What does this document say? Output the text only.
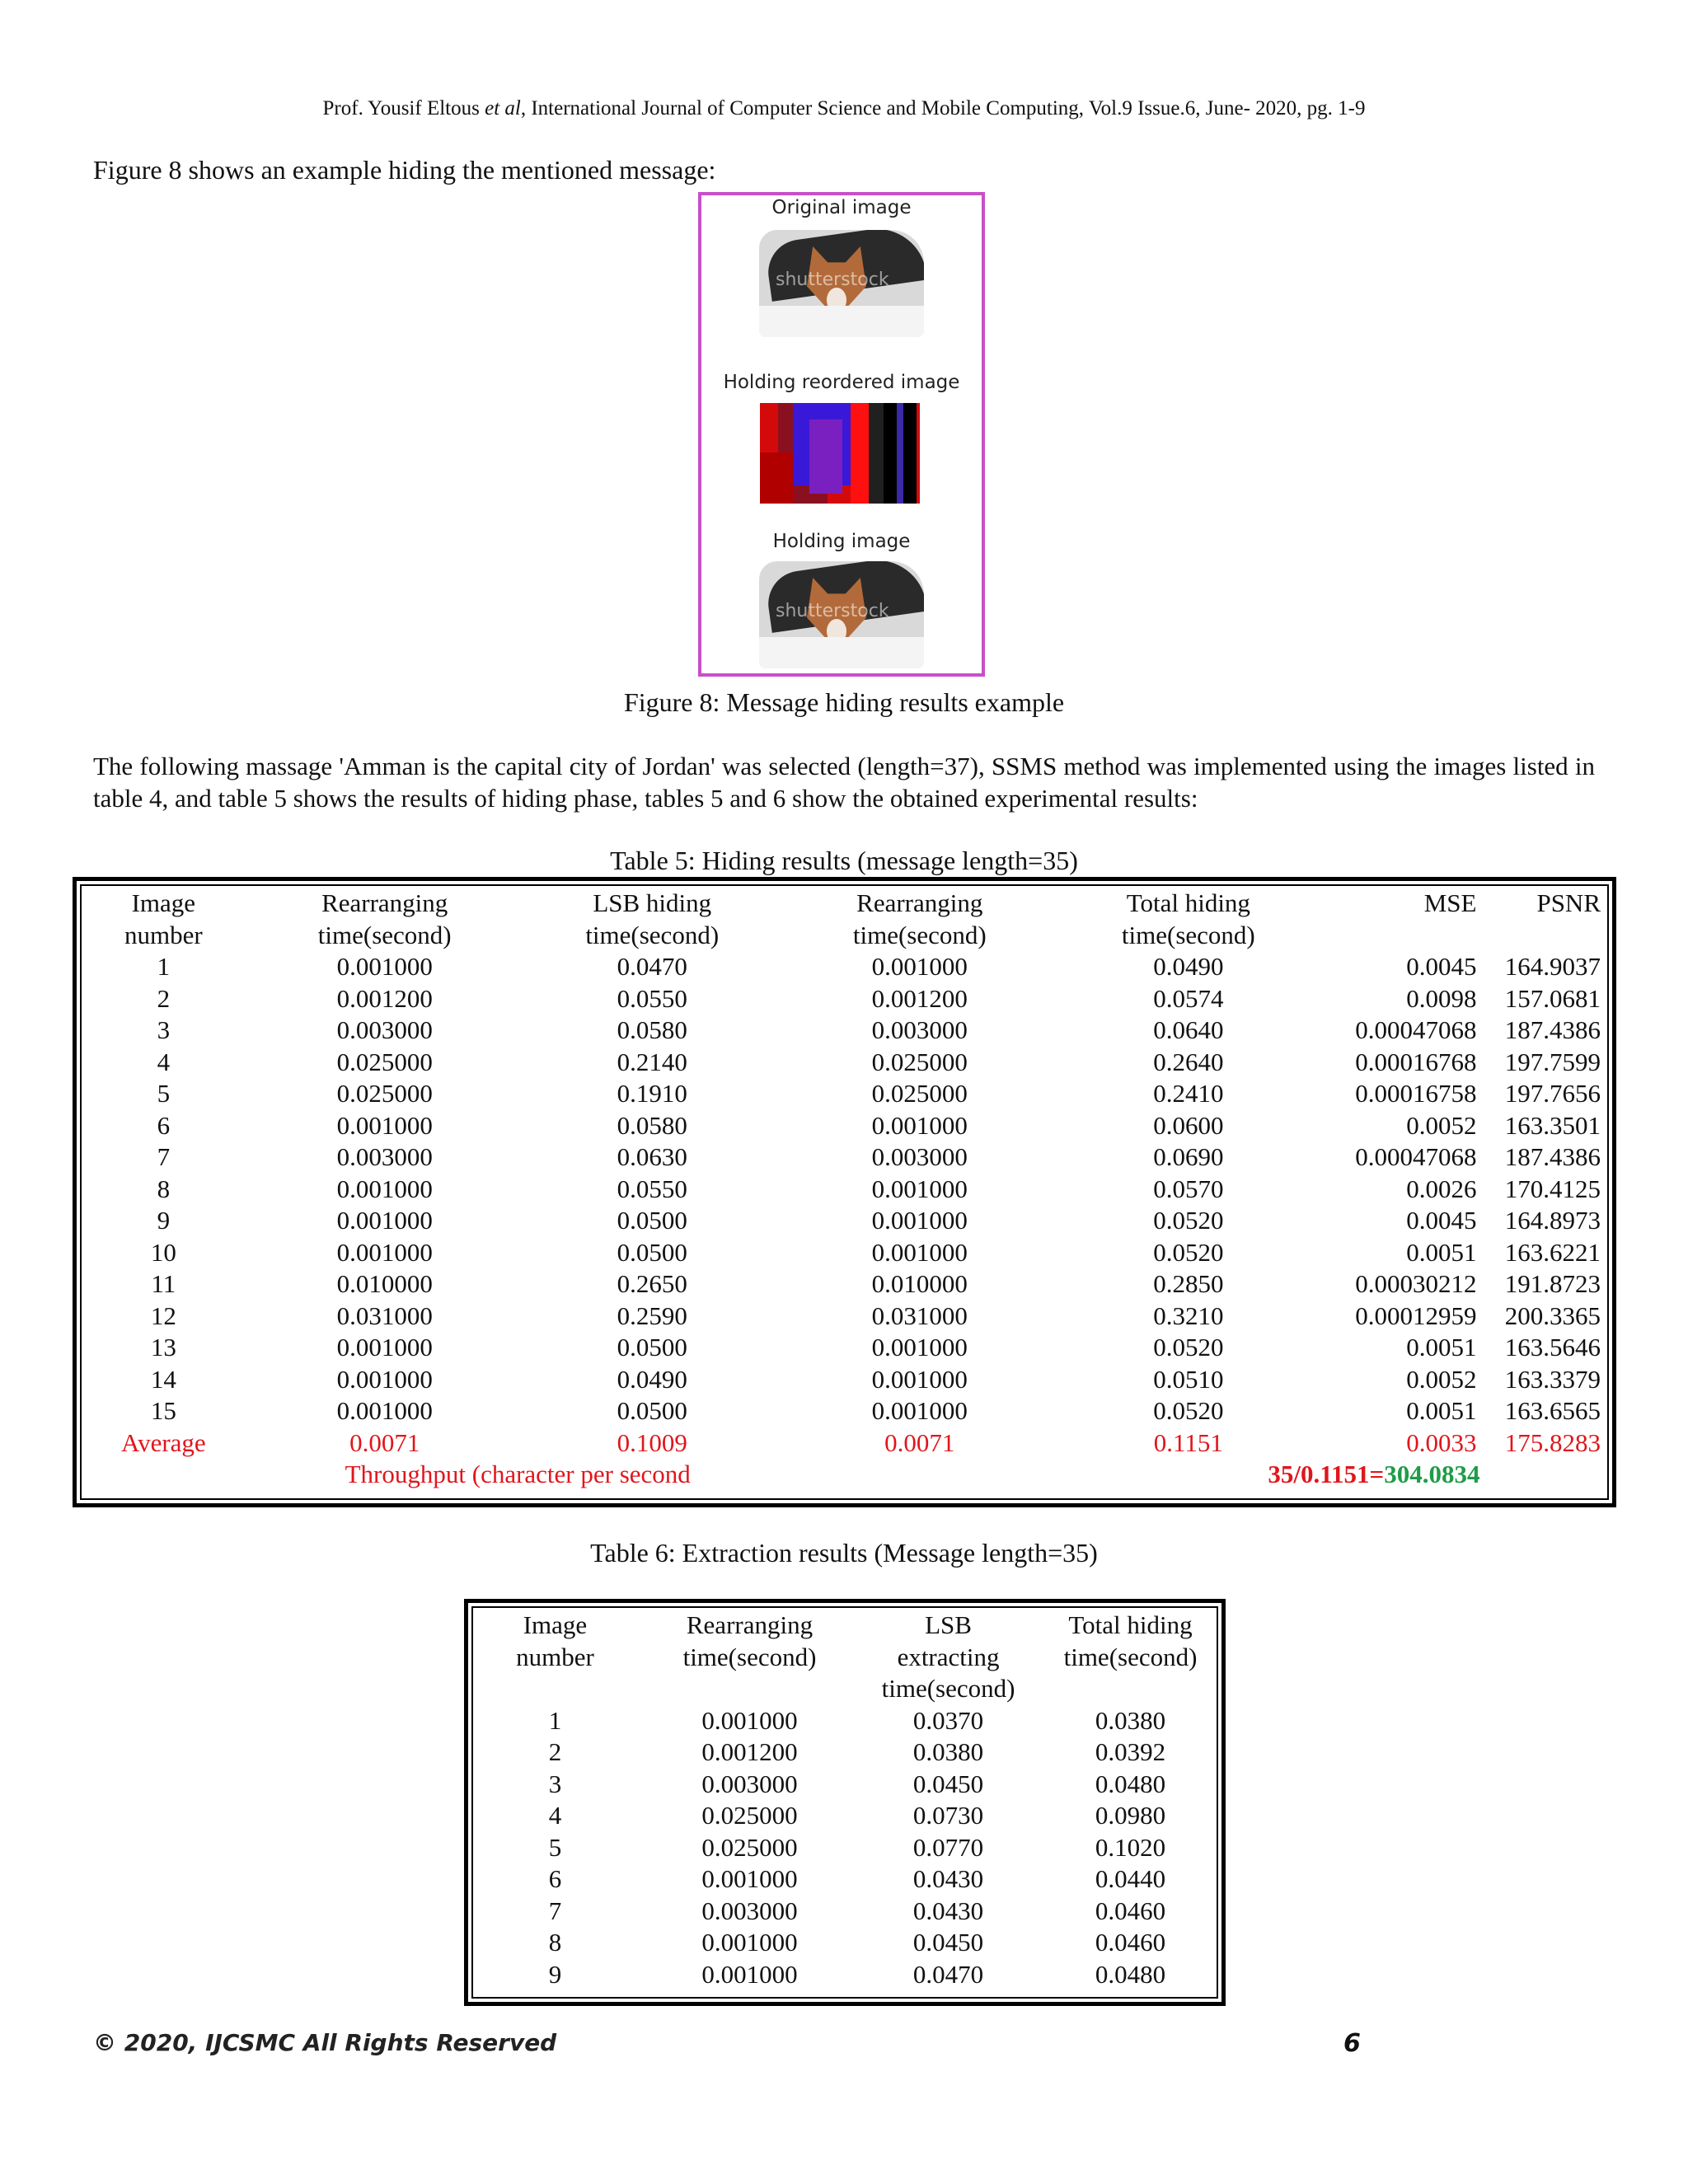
Prof. Yousif Eltous et al, International Journal of Computer Science and Mobile Computing, Vol.9 Issue.6, June- 2020, pg. 1-9
Figure 8 shows an example hiding the mentioned message:
Original image
shutterstock
Holding reordered image
Holding image
shutterstock
Figure 8: Message hiding results example
The following massage 'Amman is the capital city of Jordan' was selected (length=37), SSMS method was implemented using the images listed in table 4, and table 5 shows the results of hiding phase, tables 5 and 6 show the obtained experimental results:
Table 5: Hiding results (message length=35)
Image	Rearranging	LSB hiding	Rearranging	Total hiding	MSE	PSNR
number	time(second)	time(second)	time(second)	time(second)		
1	0.001000	0.0470	0.001000	0.0490	0.0045	164.9037
2	0.001200	0.0550	0.001200	0.0574	0.0098	157.0681
3	0.003000	0.0580	0.003000	0.0640	0.00047068	187.4386
4	0.025000	0.2140	0.025000	0.2640	0.00016768	197.7599
5	0.025000	0.1910	0.025000	0.2410	0.00016758	197.7656
6	0.001000	0.0580	0.001000	0.0600	0.0052	163.3501
7	0.003000	0.0630	0.003000	0.0690	0.00047068	187.4386
8	0.001000	0.0550	0.001000	0.0570	0.0026	170.4125
9	0.001000	0.0500	0.001000	0.0520	0.0045	164.8973
10	0.001000	0.0500	0.001000	0.0520	0.0051	163.6221
11	0.010000	0.2650	0.010000	0.2850	0.00030212	191.8723
12	0.031000	0.2590	0.031000	0.3210	0.00012959	200.3365
13	0.001000	0.0500	0.001000	0.0520	0.0051	163.5646
14	0.001000	0.0490	0.001000	0.0510	0.0052	163.3379
15	0.001000	0.0500	0.001000	0.0520	0.0051	163.6565
Average	0.0071	0.1009	0.0071	0.1151	0.0033	175.8283
	Throughput (character per second			35/0.1151=304.0834		
Table 6: Extraction results (Message length=35)
Image	Rearranging	LSB	Total hiding
number	time(second)	extracting	time(second)
		time(second)	
1	0.001000	0.0370	0.0380
2	0.001200	0.0380	0.0392
3	0.003000	0.0450	0.0480
4	0.025000	0.0730	0.0980
5	0.025000	0.0770	0.1020
6	0.001000	0.0430	0.0440
7	0.003000	0.0430	0.0460
8	0.001000	0.0450	0.0460
9	0.001000	0.0470	0.0480
© 2020, IJCSMC All Rights Reserved	6
